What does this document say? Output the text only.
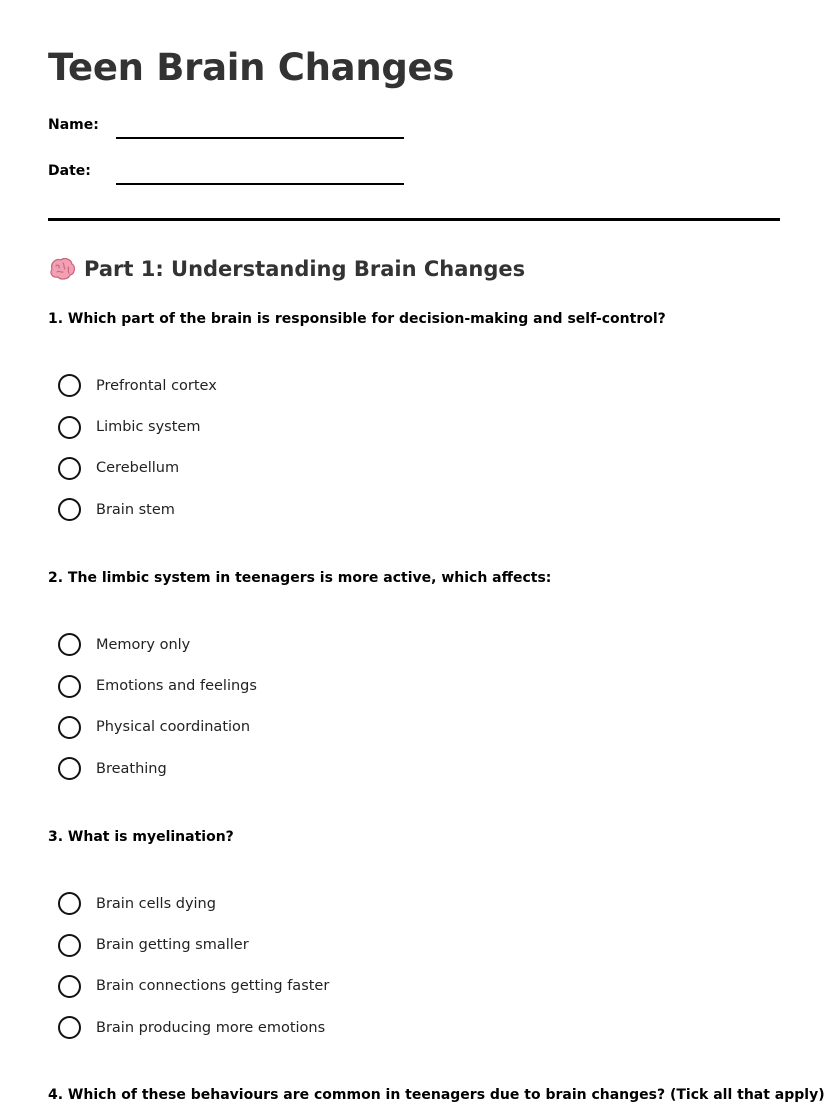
Teen Brain Changes
Name:
Date:
Part 1: Understanding Brain Changes

1. Which part of the brain is responsible for decision-making and self-control?

Prefrontal cortex
Limbic system
Cerebellum
Brain stem

2. The limbic system in teenagers is more active, which affects:

Memory only
Emotions and feelings
Physical coordination
Breathing

3. What is myelination?

Brain cells dying
Brain getting smaller
Brain connections getting faster
Brain producing more emotions

4. Which of these behaviours are common in teenagers due to brain changes? (Tick all that apply)
